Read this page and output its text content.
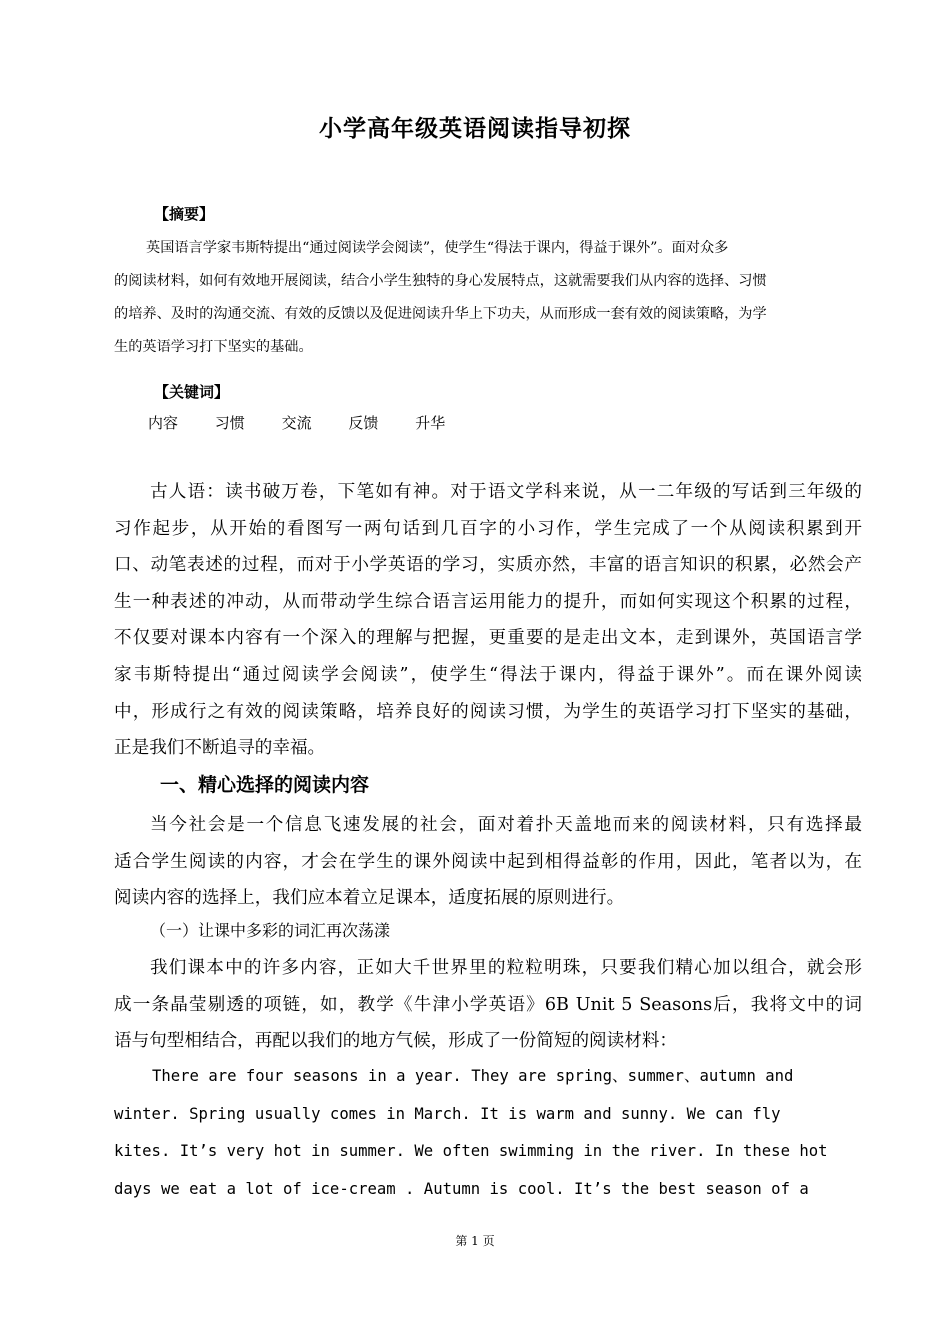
小学高年级英语阅读指导初探
【摘要】
英国语言学家韦斯特提出“通过阅读学会阅读”，使学生“得法于课内，得益于课外”。面对众多
的阅读材料，如何有效地开展阅读，结合小学生独特的身心发展特点，这就需要我们从内容的选择、习惯
的培养、及时的沟通交流、有效的反馈以及促进阅读升华上下功夫，从而形成一套有效的阅读策略，为学
生的英语学习打下坚实的基础。
【关键词】
内容 习惯 交流 反馈 升华
古人语：读书破万卷，下笔如有神。对于语文学科来说，从一二年级的写话到三年级的
习作起步，从开始的看图写一两句话到几百字的小习作，学生完成了一个从阅读积累到开
口、动笔表述的过程，而对于小学英语的学习，实质亦然，丰富的语言知识的积累，必然会产
生一种表述的冲动，从而带动学生综合语言运用能力的提升，而如何实现这个积累的过程，
不仅要对课本内容有一个深入的理解与把握，更重要的是走出文本，走到课外，英国语言学
家韦斯特提出“通过阅读学会阅读”，使学生“得法于课内，得益于课外”。而在课外阅读
中，形成行之有效的阅读策略，培养良好的阅读习惯，为学生的英语学习打下坚实的基础，
正是我们不断追寻的幸福。
一、精心选择的阅读内容
当今社会是一个信息飞速发展的社会，面对着扑天盖地而来的阅读材料，只有选择最
适合学生阅读的内容，才会在学生的课外阅读中起到相得益彰的作用，因此，笔者以为，在
阅读内容的选择上，我们应本着立足课本，适度拓展的原则进行。
（一）让课中多彩的词汇再次荡漾
我们课本中的许多内容，正如大千世界里的粒粒明珠，只要我们精心加以组合，就会形
成一条晶莹剔透的项链，如，教学《牛津小学英语》6B Unit 5 Seasons后，我将文中的词
语与句型相结合，再配以我们的地方气候，形成了一份简短的阅读材料：
There are four seasons in a year. They are spring、summer、autumn and
winter. Spring usually comes in March. It is warm and sunny. We can fly
kites. It’s very hot in summer. We often swimming in the river. In these hot
days we eat a lot of ice-cream . Autumn is cool. It’s the best season of a
第 1 页
